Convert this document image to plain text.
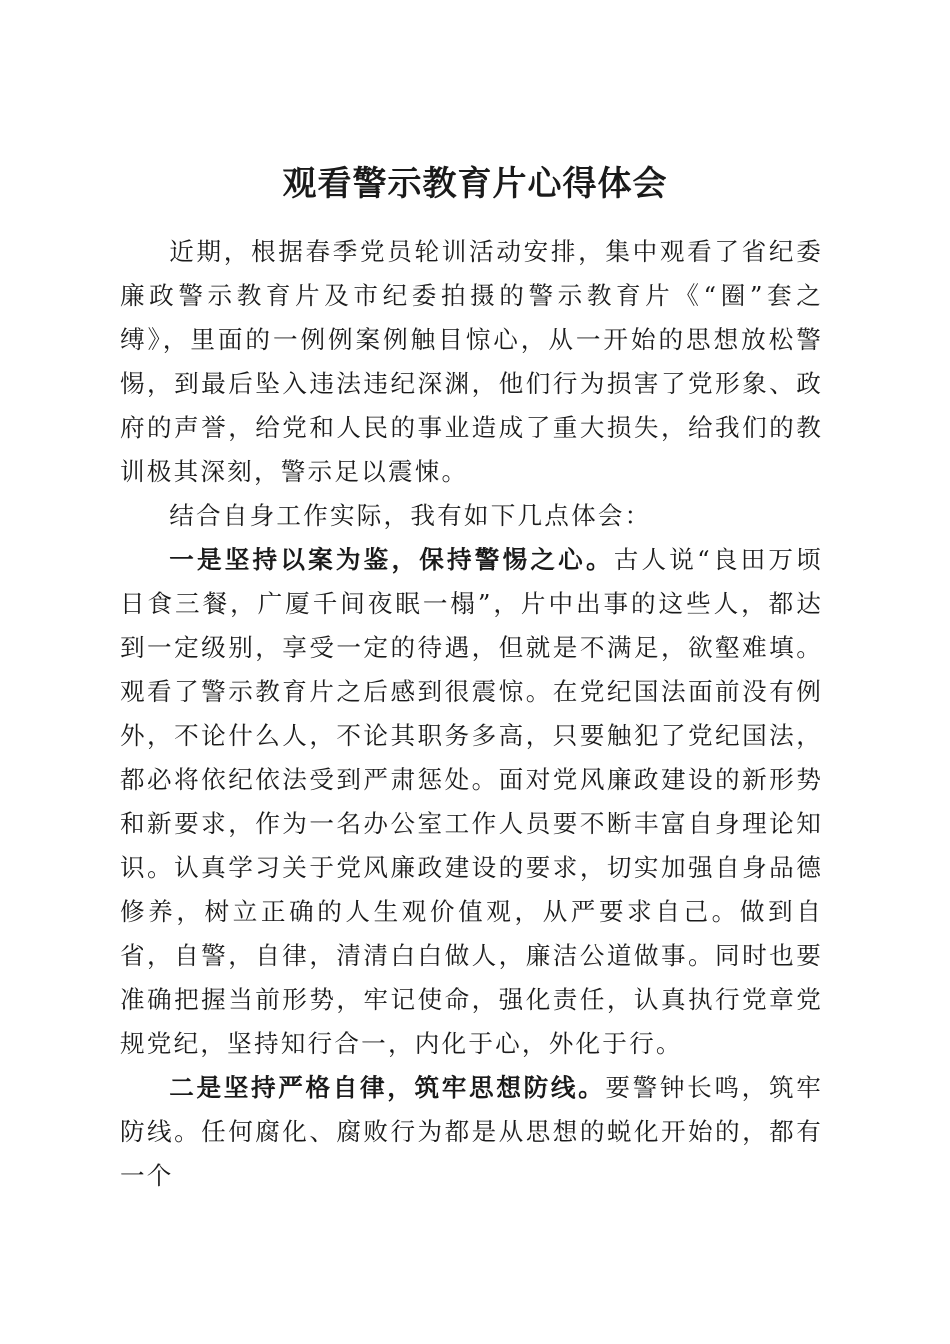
观看警示教育片心得体会

近期，根据春季党员轮训活动安排，集中观看了省纪委廉政警示教育片及市纪委拍摄的警示教育片《“圈”套之缚》，里面的一例例案例触目惊心，从一开始的思想放松警惕，到最后坠入违法违纪深渊，他们行为损害了党形象、政府的声誉，给党和人民的事业造成了重大损失，给我们的教训极其深刻，警示足以震悚。

结合自身工作实际，我有如下几点体会：

一是坚持以案为鉴，保持警惕之心。古人说“良田万顷日食三餐，广厦千间夜眠一榻”，片中出事的这些人，都达到一定级别，享受一定的待遇，但就是不满足，欲壑难填。观看了警示教育片之后感到很震惊。在党纪国法面前没有例外，不论什么人，不论其职务多高，只要触犯了党纪国法，都必将依纪依法受到严肃惩处。面对党风廉政建设的新形势和新要求，作为一名办公室工作人员要不断丰富自身理论知识。认真学习关于党风廉政建设的要求，切实加强自身品德修养，树立正确的人生观价值观，从严要求自己。做到自省，自警，自律，清清白白做人，廉洁公道做事。同时也要准确把握当前形势，牢记使命，强化责任，认真执行党章党规党纪，坚持知行合一，内化于心，外化于行。

二是坚持严格自律，筑牢思想防线。要警钟长鸣，筑牢防线。任何腐化、腐败行为都是从思想的蜕化开始的，都有一个
